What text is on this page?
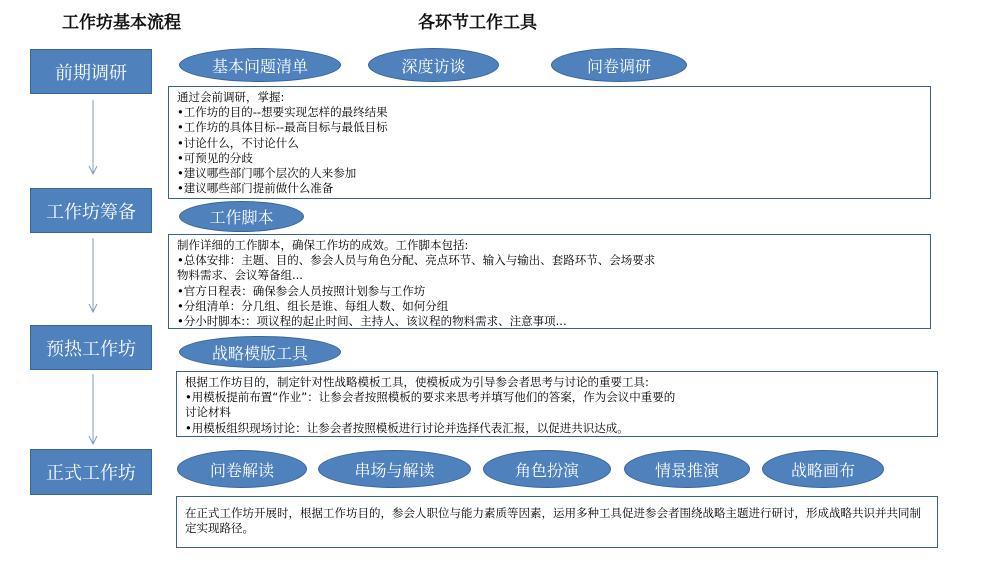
工作坊基本流程	各环节工作工具
前期调研
工作坊筹备
预热工作坊
正式工作坊
基本问题清单	深度访谈	问卷调研
通过会前调研，掌握:
•工作坊的目的--想要实现怎样的最终结果
•工作坊的具体目标--最高目标与最低目标
•讨论什么，不讨论什么
•可预见的分歧
•建议哪些部门哪个层次的人来参加
•建议哪些部门提前做什么准备
工作脚本
制作详细的工作脚本，确保工作坊的成效。工作脚本包括:
•总体安排：主题、目的、参会人员与角色分配、亮点环节、输入与输出、套路环节、会场要求
物料需求、会议筹备组...
•官方日程表：确保参会人员按照计划参与工作坊
•分组清单：分几组、组长是谁、每组人数、如何分组
•分小时脚本:：项议程的起止时间、主持人、该议程的物料需求、注意事项...
战略模版工具
根据工作坊目的，制定针对性战略模板工具，使模板成为引导参会者思考与讨论的重要工具:
•用模板提前布置“作业”：让参会者按照模板的要求来思考并填写他们的答案，作为会议中重要的
讨论材料
•用模板组织现场讨论：让参会者按照模板进行讨论并选择代表汇报，以促进共识达成。
问卷解读	串场与解读	角色扮演	情景推演	战略画布
在正式工作坊开展时，根据工作坊目的，参会人职位与能力素质等因素，运用多种工具促进参会者围绕战略主题进行研讨，形成战略共识并共同制定实现路径。
